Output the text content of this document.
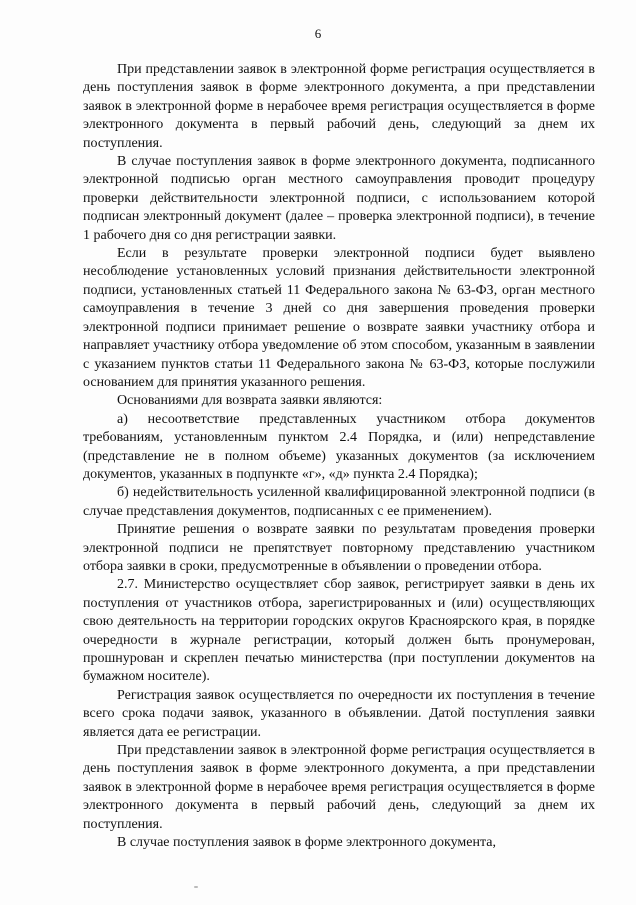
6

При представлении заявок в электронной форме регистрация осуществляется в день поступления заявок в форме электронного документа, а при представлении заявок в электронной форме в нерабочее время регистрация осуществляется в форме электронного документа в первый рабочий день, следующий за днем их поступления.

В случае поступления заявок в форме электронного документа, подписанного электронной подписью орган местного самоуправления проводит процедуру проверки действительности электронной подписи, с использованием которой подписан электронный документ (далее – проверка электронной подписи), в течение 1 рабочего дня со дня регистрации заявки.

Если в результате проверки электронной подписи будет выявлено несоблюдение установленных условий признания действительности электронной подписи, установленных статьей 11 Федерального закона № 63-ФЗ, орган местного самоуправления в течение 3 дней со дня завершения проведения проверки электронной подписи принимает решение о возврате заявки участнику отбора и направляет участнику отбора уведомление об этом способом, указанным в заявлении с указанием пунктов статьи 11 Федерального закона № 63-ФЗ, которые послужили основанием для принятия указанного решения.

Основаниями для возврата заявки являются:

а) несоответствие представленных участником отбора документов требованиям, установленным пунктом 2.4 Порядка, и (или) непредставление (представление не в полном объеме) указанных документов (за исключением документов, указанных в подпункте «г», «д» пункта 2.4 Порядка);

б) недействительность усиленной квалифицированной электронной подписи (в случае представления документов, подписанных с ее применением).

Принятие решения о возврате заявки по результатам проведения проверки электронной подписи не препятствует повторному представлению участником отбора заявки в сроки, предусмотренные в объявлении о проведении отбора.

2.7. Министерство осуществляет сбор заявок, регистрирует заявки в день их поступления от участников отбора, зарегистрированных и (или) осуществляющих свою деятельность на территории городских округов Красноярского края, в порядке очередности в журнале регистрации, который должен быть пронумерован, прошнурован и скреплен печатью министерства (при поступлении документов на бумажном носителе).

Регистрация заявок осуществляется по очередности их поступления в течение всего срока подачи заявок, указанного в объявлении. Датой поступления заявки является дата ее регистрации.

При представлении заявок в электронной форме регистрация осуществляется в день поступления заявок в форме электронного документа, а при представлении заявок в электронной форме в нерабочее время регистрация осуществляется в форме электронного документа в первый рабочий день, следующий за днем их поступления.

В случае поступления заявок в форме электронного документа,
